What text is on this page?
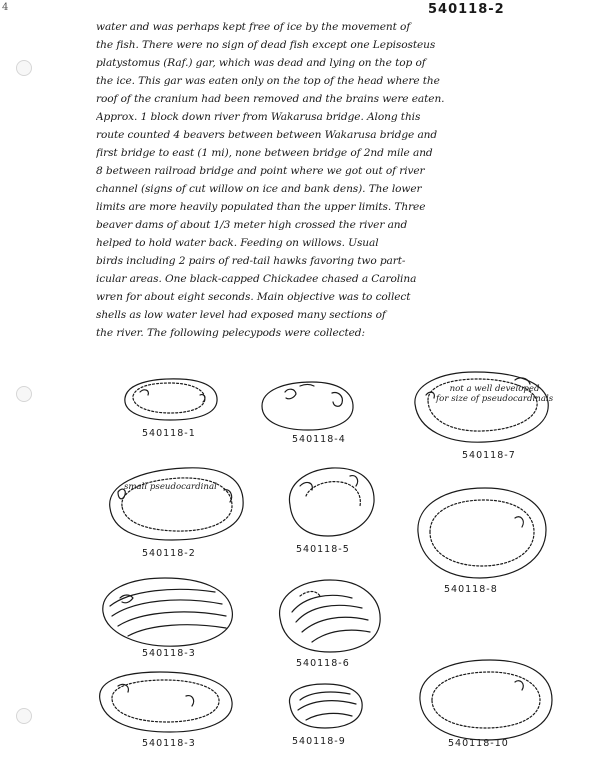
4	540118-2
water and was perhaps kept free of ice by the movement of
the fish. There were no sign of dead fish except one Lepisosteus
platystomus (Raf.) gar, which was dead and lying on the top of
the ice. This gar was eaten only on the top of the head where the
roof of the cranium had been removed and the brains were eaten.
Approx. 1 block down river from Wakarusa bridge. Along this
route counted 4 beavers between between Wakarusa bridge and
first bridge to east (1 mi), none between bridge of 2nd mile and
8 between railroad bridge and point where we got out of river
channel (signs of cut willow on ice and bank dens). The lower
limits are more heavily populated than the upper limits. Three
beaver dams of about 1/3 meter high crossed the river and
helped to hold water back. Feeding on willows. Usual
birds including 2 pairs of red-tail hawks favoring two part-
icular areas. One black-capped Chickadee chased a Carolina
wren for about eight seconds. Main objective was to collect
shells as low water level had exposed many sections of
the river. The following pelecypods were collected:
not a well developed
for size of pseudocardinals
small pseudocardinal
540118-1
540118-4
540118-7
540118-2	540118-5
540118-8
540118-3
540118-6
540118-3	540118-9	540118-10
